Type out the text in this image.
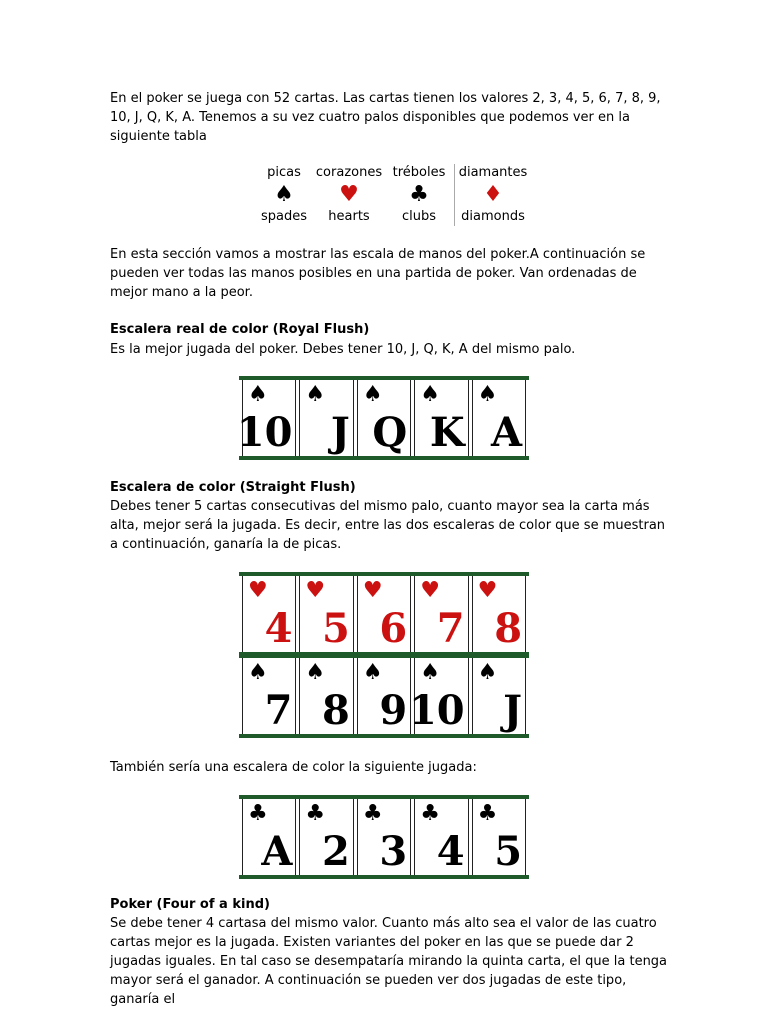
En el poker se juega con 52 cartas. Las cartas tienen los valores 2, 3, 4, 5, 6, 7, 8, 9, 10, J, Q, K, A. Tenemos a su vez cuatro palos disponibles que podemos ver en la siguiente tabla

picas
♠
spades
corazones
♥
hearts
tréboles
♣
clubs
diamantes
♦
diamonds

En esta sección vamos a mostrar las escala de manos del poker.A continuación se pueden ver todas las manos posibles en una partida de poker. Van ordenadas de mejor mano a la peor.

Escalera real de color (Royal Flush)

Es la mejor jugada del poker. Debes tener 10, J, Q, K, A del mismo palo.

♠
10
♠
J
♠
Q
♠
K
♠
A

Escalera de color (Straight Flush)

Debes tener 5 cartas consecutivas del mismo palo, cuanto mayor sea la carta más alta, mejor será la jugada. Es decir, entre las dos escaleras de color que se muestran a continuación, ganaría la de picas.

♥
4
♥
5
♥
6
♥
7
♥
8
♠
7
♠
8
♠
9
♠
10
♠
J

También sería una escalera de color la siguiente jugada:

♣
A
♣
2
♣
3
♣
4
♣
5

Poker (Four of a kind)

Se debe tener 4 cartasa del mismo valor. Cuanto más alto sea el valor de las cuatro cartas mejor es la jugada. Existen variantes del poker en las que se puede dar 2 jugadas iguales. En tal caso se desempataría mirando la quinta carta, el que la tenga mayor será el ganador. A continuación se pueden ver dos jugadas de este tipo, ganaría el
